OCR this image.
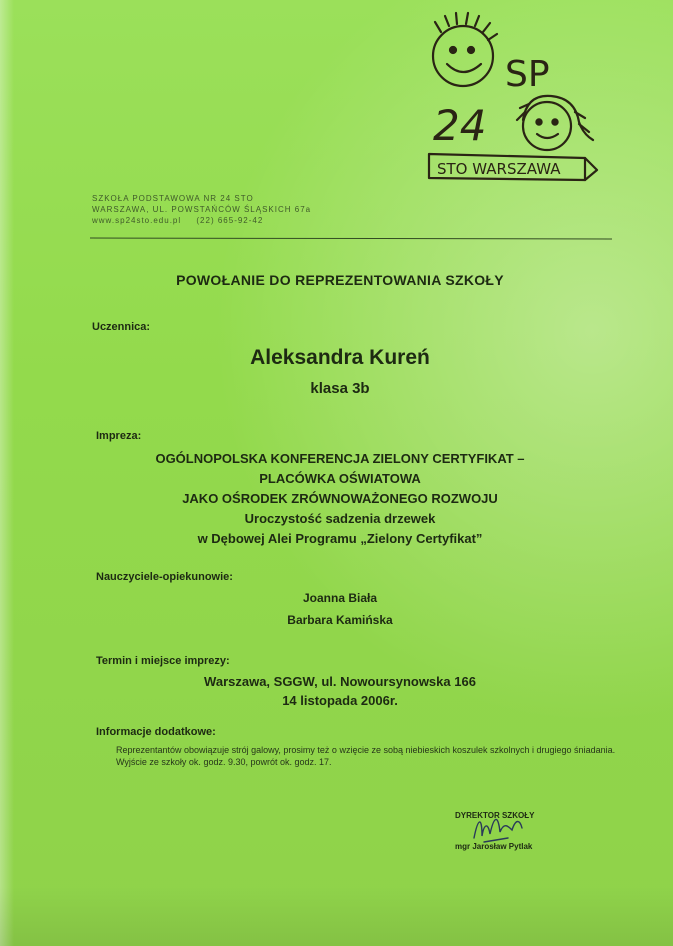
SP
24
STO WARSZAWA
SZKOŁA PODSTAWOWA NR 24 STO
WARSZAWA, UL. POWSTAŃCÓW ŚLĄSKICH 67a
www.sp24sto.edu.pl (22) 665-92-42
POWOŁANIE DO REPREZENTOWANIA SZKOŁY
Uczennica:
Aleksandra Kureń
klasa 3b
Impreza:
OGÓLNOPOLSKA KONFERENCJA ZIELONY CERTYFIKAT –
PLACÓWKA OŚWIATOWA
JAKO OŚRODEK ZRÓWNOWAŻONEGO ROZWOJU
Uroczystość sadzenia drzewek
w Dębowej Alei Programu „Zielony Certyfikat”
Nauczyciele-opiekunowie:
Joanna Biała
Barbara Kamińska
Termin i miejsce imprezy:
Warszawa, SGGW, ul. Nowoursynowska 166
14 listopada 2006r.
Informacje dodatkowe:

Reprezentantów obowiązuje strój galowy, prosimy też o wzięcie ze sobą niebieskich koszulek szkolnych i drugiego śniadania.

Wyjście ze szkoły ok. godz. 9.30, powrót ok. godz. 17.

DYREKTOR SZKOŁY
mgr Jarosław Pytlak
